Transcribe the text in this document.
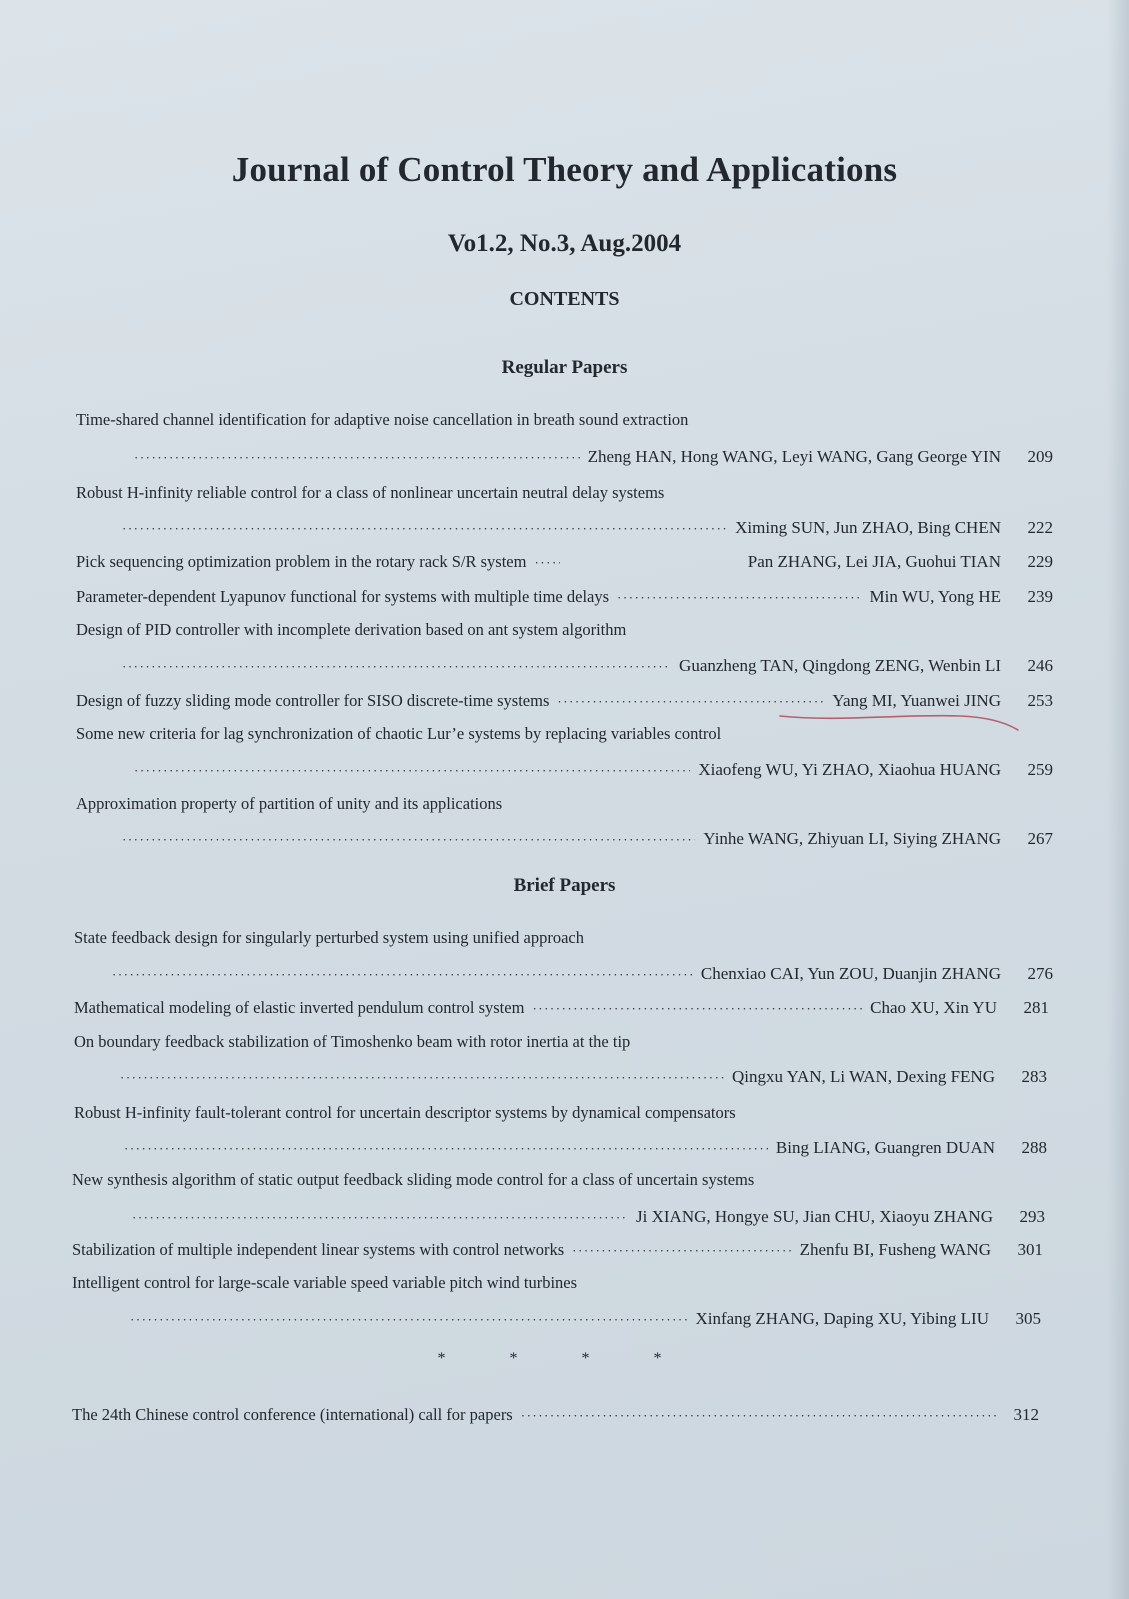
Journal of Control Theory and Applications
Vo1.2, No.3, Aug.2004
CONTENTS
Regular Papers
Time-shared channel identification for adaptive noise cancellation in breath sound extraction
·····
Zheng HAN, Hong WANG, Leyi WANG, Gang George YIN	209
Robust H-infinity reliable control for a class of nonlinear uncertain neutral delay systems
·····
Ximing SUN, Jun ZHAO, Bing CHEN	222
Pick sequencing optimization problem in the rotary rack S/R system ·····	Pan ZHANG, Lei JIA, Guohui TIAN	229
Parameter-dependent Lyapunov functional for systems with multiple time delays ·····	Min WU, Yong HE	239
Design of PID controller with incomplete derivation based on ant system algorithm
·····
Guanzheng TAN, Qingdong ZENG, Wenbin LI	246
Design of fuzzy sliding mode controller for SISO discrete-time systems ·····	Yang MI, Yuanwei JING	253
Some new criteria for lag synchronization of chaotic Lur’e systems by replacing variables control
·····
Xiaofeng WU, Yi ZHAO, Xiaohua HUANG	259
Approximation property of partition of unity and its applications
·····
Yinhe WANG, Zhiyuan LI, Siying ZHANG	267
Brief Papers
State feedback design for singularly perturbed system using unified approach
·····
Chenxiao CAI, Yun ZOU, Duanjin ZHANG	276
Mathematical modeling of elastic inverted pendulum control system ·····	Chao XU, Xin YU	281
On boundary feedback stabilization of Timoshenko beam with rotor inertia at the tip
·····
Qingxu YAN, Li WAN, Dexing FENG	283
Robust H-infinity fault-tolerant control for uncertain descriptor systems by dynamical compensators
·····
Bing LIANG, Guangren DUAN	288
New synthesis algorithm of static output feedback sliding mode control for a class of uncertain systems
·····
Ji XIANG, Hongye SU, Jian CHU, Xiaoyu ZHANG	293
Stabilization of multiple independent linear systems with control networks ·····	Zhenfu BI, Fusheng WANG	301
Intelligent control for large-scale variable speed variable pitch wind turbines
·····
Xinfang ZHANG, Daping XU, Yibing LIU	305
* * * *
The 24th Chinese control conference (international) call for papers ·····	312
